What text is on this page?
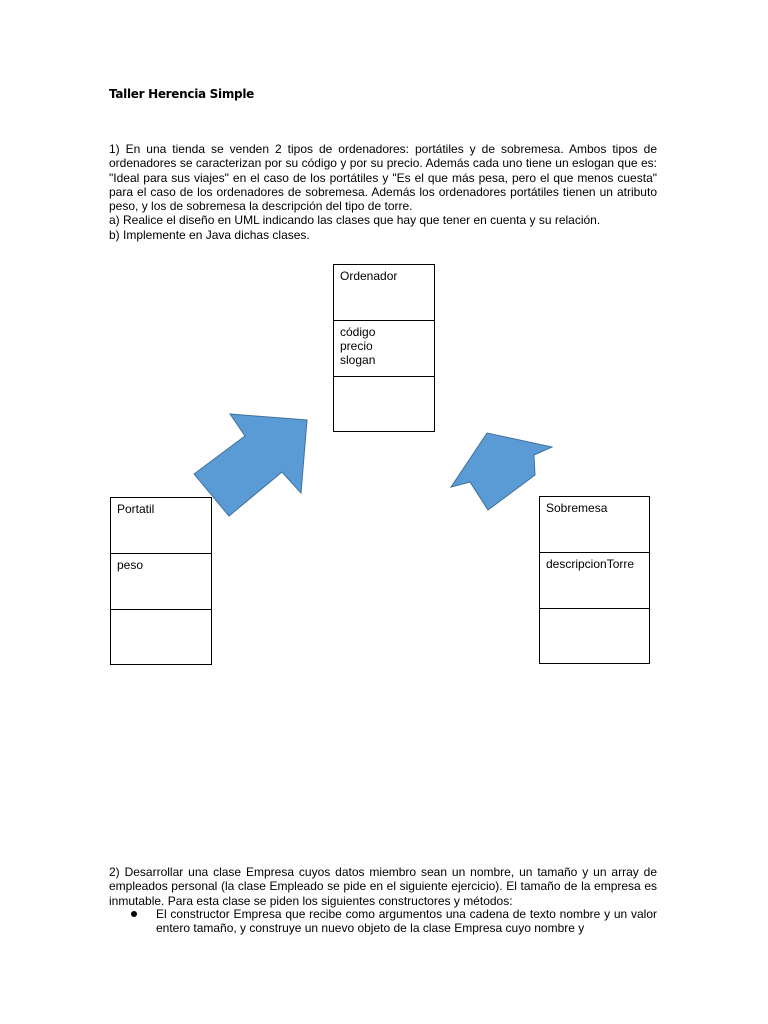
Taller Herencia Simple

1) En una tienda se venden 2 tipos de ordenadores: portátiles y de sobremesa. Ambos tipos de ordenadores se caracterizan por su código y por su precio. Además cada uno tiene un eslogan que es: "Ideal para sus viajes" en el caso de los portátiles y "Es el que más pesa, pero el que menos cuesta" para el caso de los ordenadores de sobremesa. Además los ordenadores portátiles tienen un atributo peso, y los de sobremesa la descripción del tipo de torre.

a) Realice el diseño en UML indicando las clases que hay que tener en cuenta y su relación.

b) Implemente en Java dichas clases.

Ordenador
código
precio
slogan
Portatil
peso
Sobremesa
descripcionTorre

2) Desarrollar una clase Empresa cuyos datos miembro sean un nombre, un tamaño y un array de empleados personal (la clase Empleado se pide en el siguiente ejercicio). El tamaño de la empresa es inmutable. Para esta clase se piden los siguientes constructores y métodos:

El constructor Empresa que recibe como argumentos una cadena de texto nombre y un valor entero tamaño, y construye un nuevo objeto de la clase Empresa cuyo nombre y
